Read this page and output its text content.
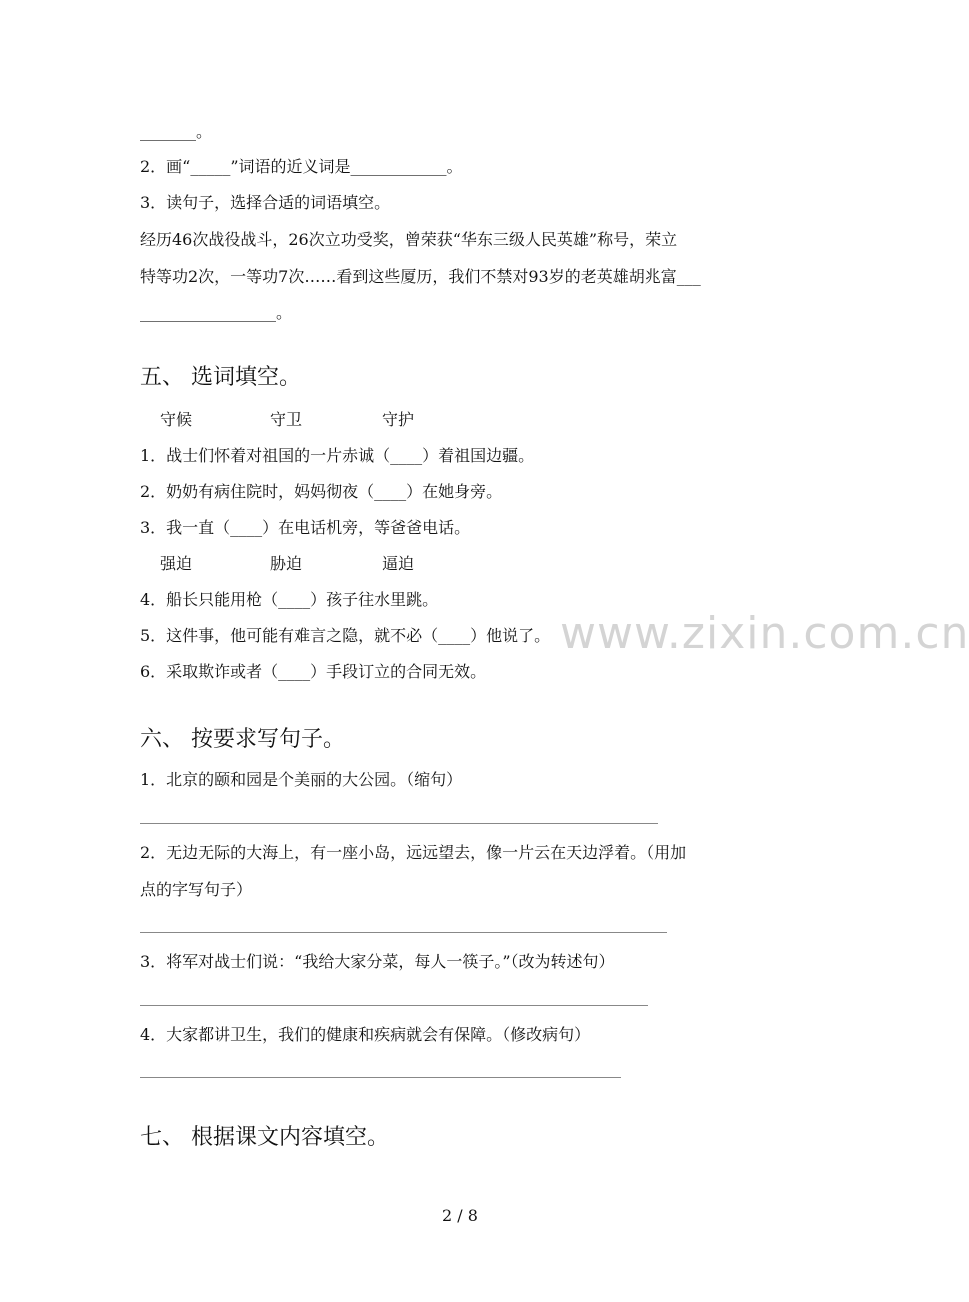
www.zixin.com.cn
_______。
2．画“_____”词语的近义词是____________。
3．读句子，选择合适的词语填空。
经历46次战役战斗，26次立功受奖，曾荣获“华东三级人民英雄”称号，荣立
特等功2次，一等功7次……看到这些厦历，我们不禁对93岁的老英雄胡兆富___
_________________。
五、 选词填空。
守候	守卫	守护
1．战士们怀着对祖国的一片赤诚（____）着祖国边疆。
2．奶奶有病住院时，妈妈彻夜（____）在她身旁。
3．我一直（____）在电话机旁，等爸爸电话。
强迫	胁迫	逼迫
4．船长只能用枪（____）孩子往水里跳。
5．这件事，他可能有难言之隐，就不必（____）他说了。
6．采取欺诈或者（____）手段订立的合同无效。
六、 按要求写句子。
1．北京的颐和园是个美丽的大公园。（缩句）
2．无边无际的大海上，有一座小岛，远远望去，像一片云在天边浮着。（用加
点的字写句子）
3．将军对战士们说：“我给大家分菜，每人一筷子。”（改为转述句）
4．大家都讲卫生，我们的健康和疾病就会有保障。（修改病句）
七、 根据课文内容填空。
2 / 8
